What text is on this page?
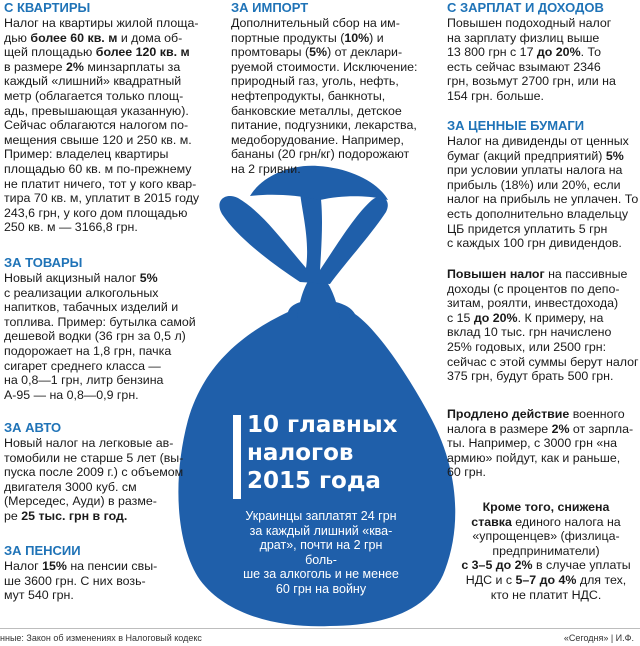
С КВАРТИРЫ
Налог на квартиры жилой площа-
дью более 60 кв. м и дома об-
щей площадью более 120 кв. м
в размере 2% минзарплаты за
каждый «лишний» квадратный
метр (облагается только площ-
адь, превышающая указанную).
Сейчас облагаются налогом по-
мещения свыше 120 и 250 кв. м.
Пример: владелец квартиры
площадью 60 кв. м по-прежнему
не платит ничего, тот у кого квар-
тира 70 кв. м, уплатит в 2015 году
243,6 грн, у кого дом площадью
250 кв. м — 3166,8 грн.
ЗА ТОВАРЫ
Новый акцизный налог 5%
с реализации алкогольных
напитков, табачных изделий и
топлива. Пример: бутылка самой
дешевой водки (36 грн за 0,5 л)
подорожает на 1,8 грн, пачка
сигарет среднего класса —
на 0,8—1 грн, литр бензина
А-95 — на 0,8—0,9 грн.
ЗА АВТО
Новый налог на легковые ав-
томобили не старше 5 лет (вы-
пуска после 2009 г.) с объемом
двигателя 3000 куб. см
(Мерседес, Ауди) в разме-
ре 25 тыс. грн в год.
ЗА ПЕНСИИ
Налог 15% на пенсии свы-
ше 3600 грн. С них возь-
мут 540 грн.
ЗА ИМПОРТ
Дополнительный сбор на им-
портные продукты (10%) и
промтовары (5%) от деклари-
руемой стоимости. Исключение:
природный газ, уголь, нефть,
нефтепродукты, банкноты,
банковские металлы, детское
питание, подгузники, лекарства,
медоборудование. Например,
бананы (20 грн/кг) подорожают
на 2 гривни.
10 главных
налогов
2015 года
Украинцы заплатят 24 грн
за каждый лишний «ква-
драт», почти на 2 грн боль-
ше за алкоголь и не менее
60 грн на войну
С ЗАРПЛАТ И ДОХОДОВ
Повышен подоходный налог
на зарплату физлиц выше
13 800 грн с 17 до 20%. То
есть сейчас взымают 2346
грн, возьмут 2700 грн, или на
154 грн. больше.
ЗА ЦЕННЫЕ БУМАГИ
Налог на дивиденды от ценных
бумаг (акций предприятий) 5%
при условии уплаты налога на
прибыль (18%) или 20%, если
налог на прибыль не уплачен. То
есть дополнительно владельцу
ЦБ придется уплатить 5 грн
с каждых 100 грн дивидендов.
Повышен налог на пассивные
доходы (с процентов по депо-
зитам, роялти, инвестдохода)
с 15 до 20%. К примеру, на
вклад 10 тыс. грн начислено
25% годовых, или 2500 грн:
сейчас с этой суммы берут налог
375 грн, будут брать 500 грн.
Продлено действие военного
налога в размере 2% от зарпла-
ты. Например, с 3000 грн «на
армию» пойдут, как и раньше,
60 грн.
Кроме того, снижена
ставка единого налога на
«упрощенцев» (физлица-
предприниматели)
с 3–5 до 2% в случае уплаты
НДС и с 5–7 до 4% для тех,
кто не платит НДС.
нные: Закон об изменениях в Налоговый кодекс	«Сегодня» | И.Ф.
